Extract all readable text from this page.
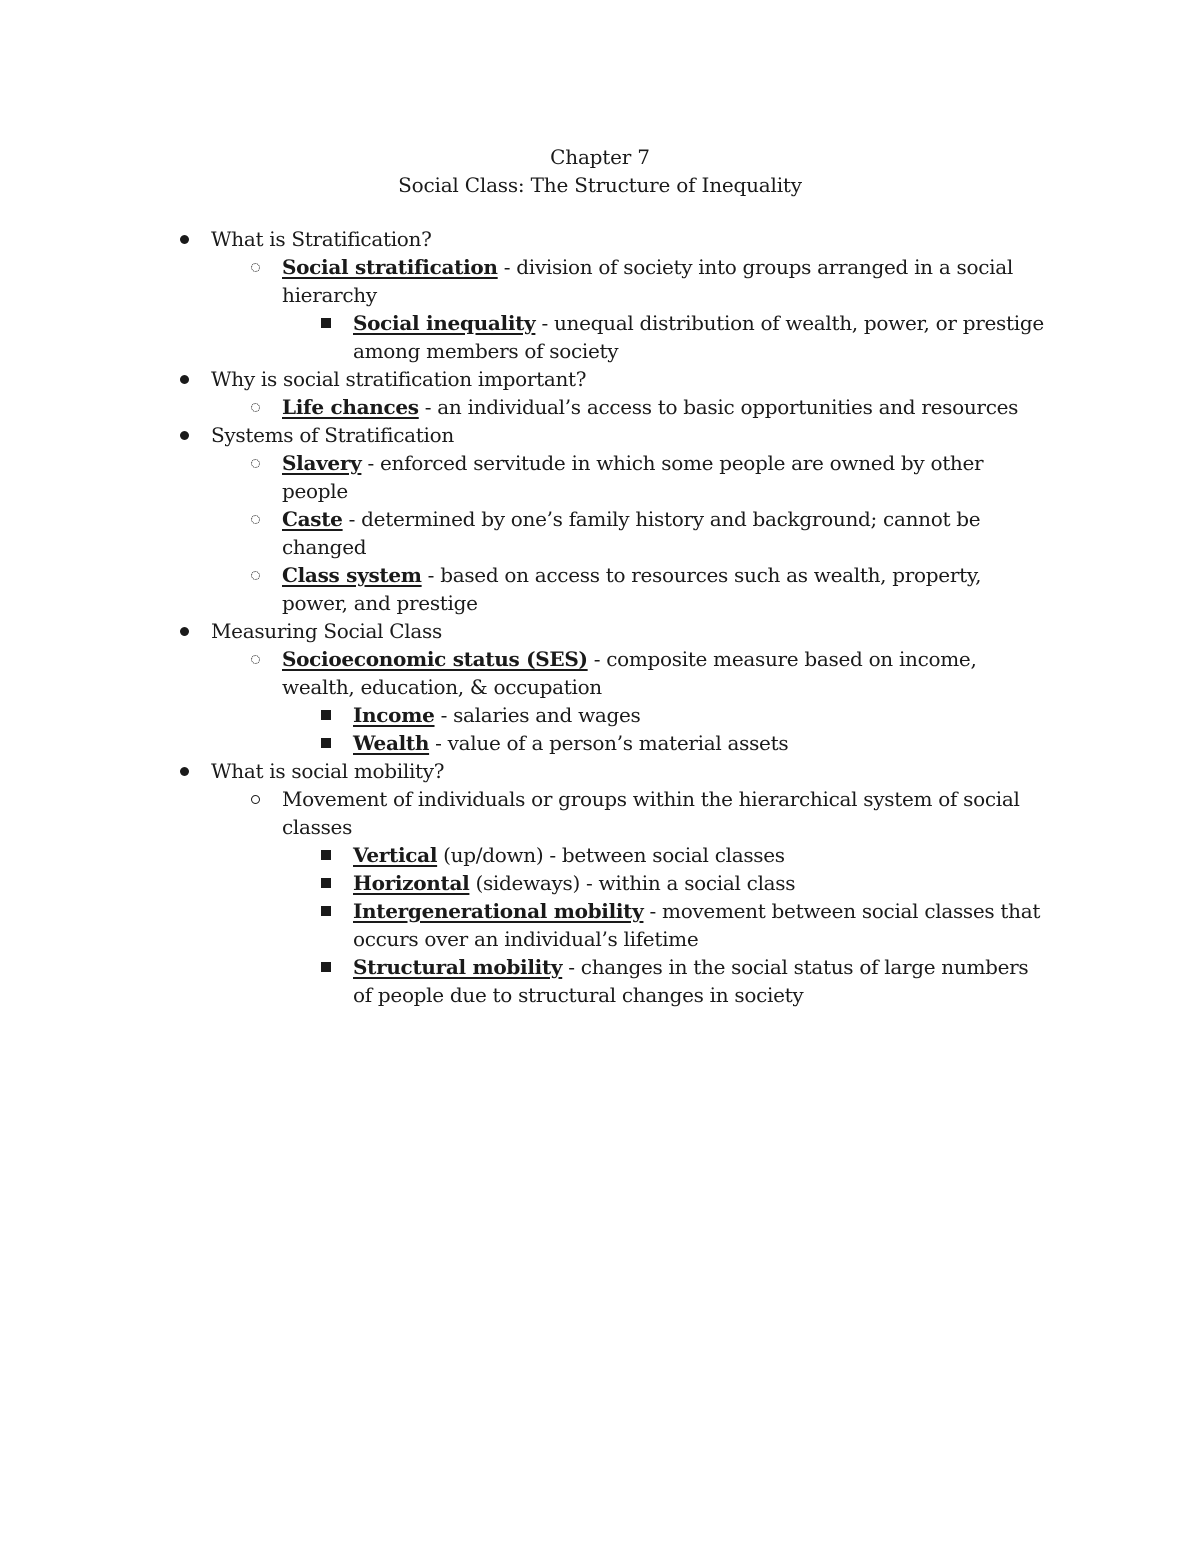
Chapter 7
Social Class: The Structure of Inequality
What is Stratification?
Social stratification - division of society into groups arranged in a social hierarchy
Social inequality - unequal distribution of wealth, power, or prestige among members of society
Why is social stratification important?
Life chances - an individual’s access to basic opportunities and resources
Systems of Stratification
Slavery - enforced servitude in which some people are owned by other people
Caste - determined by one’s family history and background; cannot be changed
Class system - based on access to resources such as wealth, property, power, and prestige
Measuring Social Class
Socioeconomic status (SES) - composite measure based on income, wealth, education, & occupation
Income - salaries and wages
Wealth - value of a person’s material assets
What is social mobility?
Movement of individuals or groups within the hierarchical system of social classes
Vertical (up/down) - between social classes
Horizontal (sideways) - within a social class
Intergenerational mobility - movement between social classes that occurs over an individual’s lifetime
Structural mobility - changes in the social status of large numbers of people due to structural changes in society
